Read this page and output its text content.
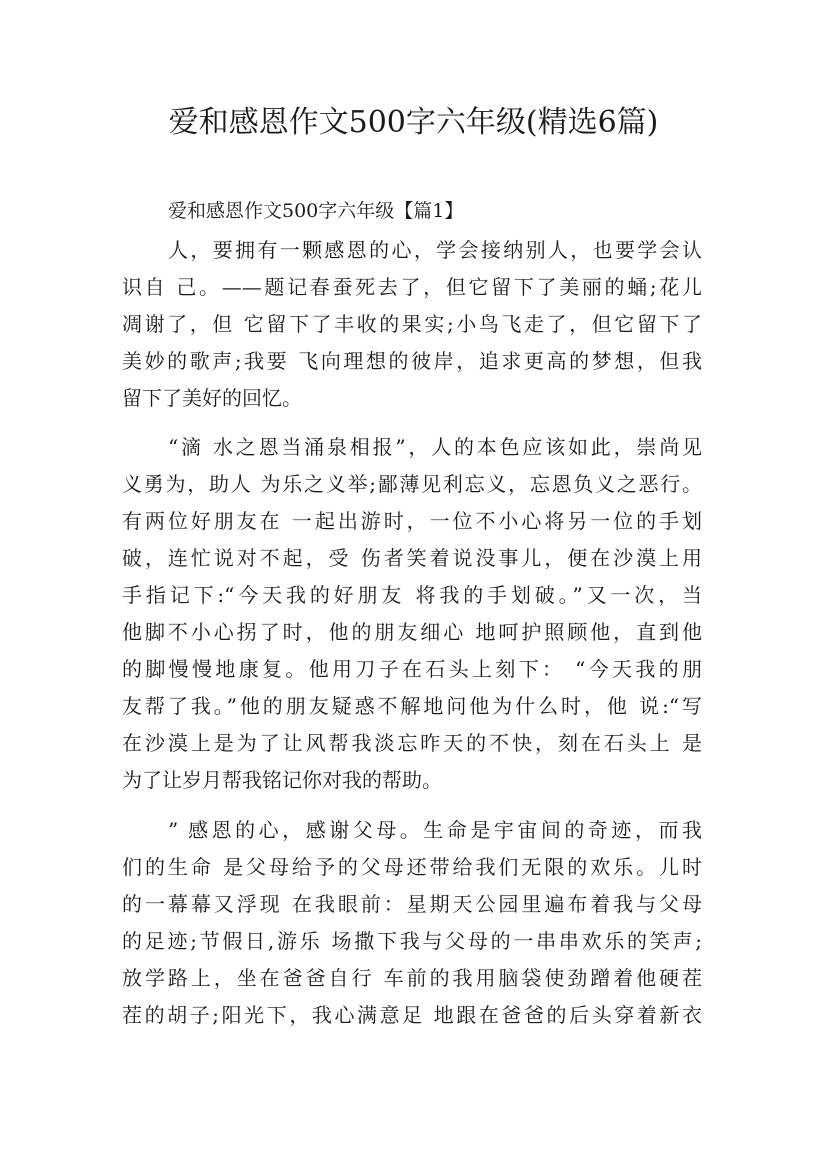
爱和感恩作文500字六年级(精选6篇)
爱和感恩作文500字六年级【篇1】

人，要拥有一颗感恩的心，学会接纳别人，也要学会认

识自 己。——题记春蚕死去了，但它留下了美丽的蛹;花儿

凋谢了，但 它留下了丰收的果实;小鸟飞走了，但它留下了

美妙的歌声;我要 飞向理想的彼岸，追求更高的梦想，但我

留下了美好的回忆。

“滴 水之恩当涌泉相报”，人的本色应该如此，崇尚见

义勇为，助人 为乐之义举;鄙薄见利忘义，忘恩负义之恶行。

有两位好朋友在 一起出游时，一位不小心将另一位的手划

破，连忙说对不起，受 伤者笑着说没事儿，便在沙漠上用

手指记下:“今天我的好朋友 将我的手划破。”又一次，当

他脚不小心拐了时，他的朋友细心 地呵护照顾他，直到他

的脚慢慢地康复。他用刀子在石头上刻下： “今天我的朋

友帮了我。”他的朋友疑惑不解地问他为什么时，他 说:“写

在沙漠上是为了让风帮我淡忘昨天的不快，刻在石头上 是

为了让岁月帮我铭记你对我的帮助。

” 感恩的心，感谢父母。生命是宇宙间的奇迹，而我

们的生命 是父母给予的父母还带给我们无限的欢乐。儿时

的一幕幕又浮现 在我眼前：星期天公园里遍布着我与父母

的足迹;节假日,游乐 场撒下我与父母的一串串欢乐的笑声;

放学路上，坐在爸爸自行 车前的我用脑袋使劲蹭着他硬茬

茬的胡子;阳光下，我心满意足 地跟在爸爸的后头穿着新衣
